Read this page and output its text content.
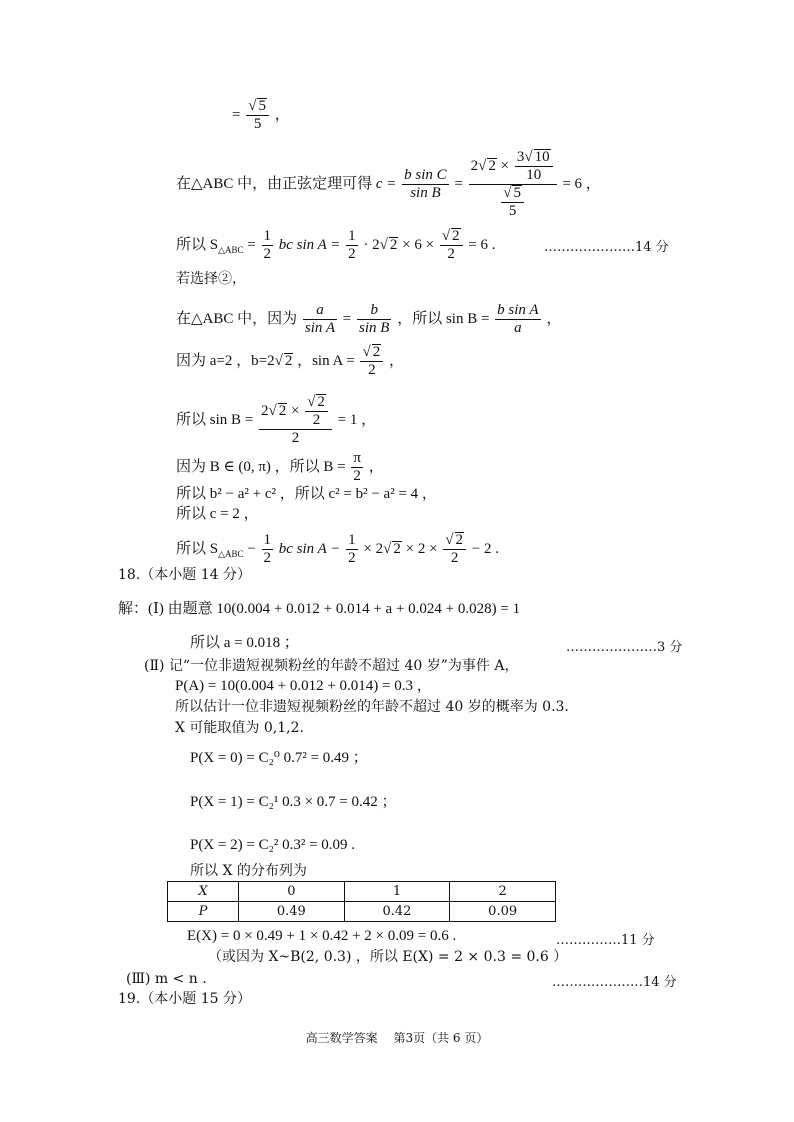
= $\frac{√ 5}{5}$ ，
在△ABC 中，由正弦定理可得 $c = \frac{\text{b sin C}}{\text{sin B}} = \frac{2√ 2 \times \frac{3√ 10}{10}}{\frac{√ 5}{5}} = 6$ ，
所以 $S_{\triangle ABC} = \frac{1}{2}$ bc $\sin A = \frac{1}{2} \cdot 2√$ $2 \times 6 \times \frac{√ 2}{2} = 6$ .	…………………14 分
若选择②，
在△ABC 中，因为 $\frac{a}{\text{sin A}} = \frac{b}{\text{sin B}}$ ，所以 $\sin B = \frac{\text{b sin A}}{a}$ ，
因为 a=2 ，b=2√ 2 ，$\sin A = \frac{√ 2}{2}$ ，
所以 $\sin B = \frac{2√ 2 \times \frac{√ 2}{2}}{2} = 1$ ，
因为 B ∈ (0, π) ，所以 $B = \frac{\pi}{2}$ ，
所以 b² − a² + c² ，所以 c² = b² − a² = 4 ，
所以 c = 2 ，
所以 $S_{\triangle ABC} - \frac{1}{2}$ bc $\sin A - \frac{1}{2} \times 2√$ $2 \times 2 \times \frac{√ 2}{2} - 2$ .
18.（本小题 14 分）
解：(Ⅰ) 由题意 10(0.004 + 0.012 + 0.014 + a + 0.024 + 0.028) = 1
所以 a = 0.018 ；	…………………3 分
(Ⅱ) 记“一位非遗短视频粉丝的年龄不超过 40 岁”为事件 A，
P(A) = 10(0.004 + 0.012 + 0.014) = 0.3 ，
所以估计一位非遗短视频粉丝的年龄不超过 40 岁的概率为 0.3.
X 可能取值为 0,1,2.
P(X = 0) = C₂⁰ 0.7² = 0.49 ；
P(X = 1) = C₂¹ 0.3 × 0.7 = 0.42 ；
P(X = 2) = C₂² 0.3² = 0.09 .
所以 X 的分布列为
X	0	1	2
P	0.49	0.42	0.09
E(X) = 0 × 0.49 + 1 × 0.42 + 2 × 0.09 = 0.6 .	……………11 分
（或因为 X~B(2, 0.3) ，所以 E(X) = 2 × 0.3 = 0.6 ）
(Ⅲ) m < n .	…………………14 分
19.（本小题 15 分）
高三数学答案　 第3页（共 6 页）
